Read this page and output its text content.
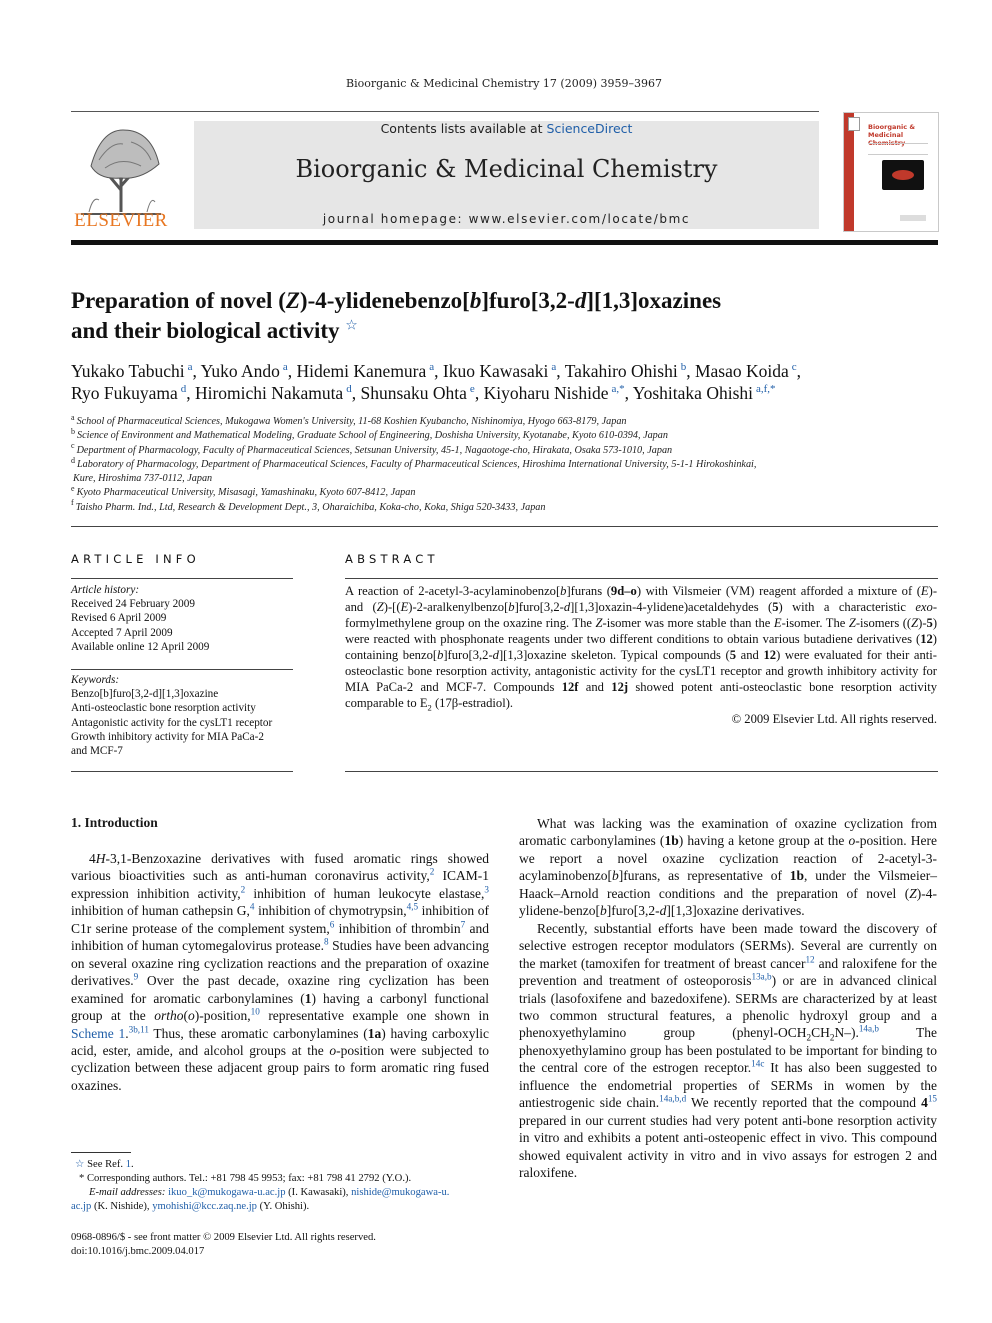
Bioorganic & Medicinal Chemistry 17 (2009) 3959–3967
ELSEVIER
Contents lists available at ScienceDirect
Bioorganic & Medicinal Chemistry
journal homepage: www.elsevier.com/locate/bmc
Bioorganic & Medicinal Chemistry
Preparation of novel (Z)-4-ylidenebenzo[b]furo[3,2-d][1,3]oxazines
and their biological activity ☆
Yukako Tabuchi $^a$, Yuko Ando $^a$, Hidemi Kanemura $^a$, Ikuo Kawasaki $^a$, Takahiro Ohishi $^b$, Masao Koida $^c$,
Ryo Fukuyama $^d$, Hiromichi Nakamuta $^d$, Shunsaku Ohta $^e$, Kiyoharu Nishide $^{a,*}$, Yoshitaka Ohishi $^{a,f,*}$
$^a$ School of Pharmaceutical Sciences, Mukogawa Women's University, 11-68 Koshien Kyubancho, Nishinomiya, Hyogo 663-8179, Japan
$^b$ Science of Environment and Mathematical Modeling, Graduate School of Engineering, Doshisha University, Kyotanabe, Kyoto 610-0394, Japan
$^c$ Department of Pharmacology, Faculty of Pharmaceutical Sciences, Setsunan University, 45-1, Nagaotoge-cho, Hirakata, Osaka 573-1010, Japan
$^d$ Laboratory of Pharmacology, Department of Pharmaceutical Sciences, Faculty of Pharmaceutical Sciences, Hiroshima International University, 5-1-1 Hirokoshinkai,
Kure, Hiroshima 737-0112, Japan
$^e$ Kyoto Pharmaceutical University, Misasagi, Yamashinaku, Kyoto 607-8412, Japan
$^f$ Taisho Pharm. Ind., Ltd, Research & Development Dept., 3, Oharaichiba, Koka-cho, Koka, Shiga 520-3433, Japan
ARTICLE INFO
Article history:
Received 24 February 2009
Revised 6 April 2009
Accepted 7 April 2009
Available online 12 April 2009
Keywords:
Benzo[b]furo[3,2-d][1,3]oxazine
Anti-osteoclastic bone resorption activity
Antagonistic activity for the cysLT1 receptor
Growth inhibitory activity for MIA PaCa-2
and MCF-7
ABSTRACT
A reaction of 2-acetyl-3-acylaminobenzo[b]furans (9d–o) with Vilsmeier (VM) reagent afforded a mixture of (E)- and (Z)-[(E)-2-aralkenylbenzo[b]furo[3,2-d][1,3]oxazin-4-ylidene)acetaldehydes (5) with a characteristic exo-formylmethylene group on the oxazine ring. The Z-isomer was more stable than the E-isomer. The Z-isomers ((Z)-5) were reacted with phosphonate reagents under two different conditions to obtain various butadiene derivatives (12) containing benzo[b]furo[3,2-d][1,3]oxazine skeleton. Typical compounds (5 and 12) were evaluated for their anti-osteoclastic bone resorption activity, antagonistic activity for the cysLT1 receptor and growth inhibitory activity for MIA PaCa-2 and MCF-7. Compounds 12f and 12j showed potent anti-osteoclastic bone resorption activity comparable to $E_2$ (17β-estradiol).
© 2009 Elsevier Ltd. All rights reserved.
1. Introduction

4H-3,1-Benzoxazine derivatives with fused aromatic rings showed various bioactivities such as anti-human coronavirus activity,$^2$ ICAM-1 expression inhibition activity,$^2$ inhibition of human leukocyte elastase,$^3$ inhibition of human cathepsin G,$^4$ inhibition of chymotrypsin,$^{4,5}$ inhibition of C1r serine protease of the complement system,$^6$ inhibition of thrombin$^7$ and inhibition of human cytomegalovirus protease.$^8$ Studies have been advancing on several oxazine ring cyclization reactions and the preparation of oxazine derivatives.$^9$ Over the past decade, oxazine ring cyclization has been examined for aromatic carbonylamines (1) having a carbonyl functional group at the ortho(o)-position,$^{10}$ representative example one shown in Scheme 1.$^{3b,11}$ Thus, these aromatic carbonylamines (1a) having carboxylic acid, ester, amide, and alcohol groups at the o-position were subjected to cyclization between these adjacent group pairs to form aromatic ring fused oxazines.

What was lacking was the examination of oxazine cyclization from aromatic carbonylamines (1b) having a ketone group at the o-position. Here we report a novel oxazine cyclization reaction of 2-acetyl-3-acylaminobenzo[b]furans, as representative of 1b, under the Vilsmeier–Haack–Arnold reaction conditions and the preparation of novel (Z)-4-ylidene-benzo[b]furo[3,2-d][1,3]oxazine derivatives.

Recently, substantial efforts have been made toward the discovery of selective estrogen receptor modulators (SERMs). Several are currently on the market (tamoxifen for treatment of breast cancer$^{12}$ and raloxifene for the prevention and treatment of osteoporosis$^{13a,b}$) or are in advanced clinical trials (lasofoxifene and bazedoxifene). SERMs are characterized by at least two common structural features, a phenolic hydroxyl group and a phenoxyethylamino group $(phenyl-OCH_2CH_2N-).^{14a,b}$ The phenoxyethylamino group has been postulated to be important for binding to the central core of the estrogen receptor.$^{14c}$ It has also been suggested to influence the endometrial properties of SERMs in women by the antiestrogenic side chain.$^{14a,b,d}$ We recently reported that the compound $4^{15}$ prepared in our current studies had very potent anti-bone resorption activity in vitro and exhibits a potent anti-osteopenic effect in vivo. This compound showed equivalent activity in vitro and in vivo assays for estrogen 2 and raloxifene.

☆ See Ref. 1.
* Corresponding authors. Tel.: +81 798 45 9953; fax: +81 798 41 2792 (Y.O.).
E-mail addresses: ikuo_k@mukogawa-u.ac.jp (I. Kawasaki), nishide@mukogawa-u.
ac.jp (K. Nishide), ymohishi@kcc.zaq.ne.jp (Y. Ohishi).
0968-0896/$ - see front matter © 2009 Elsevier Ltd. All rights reserved.
doi:10.1016/j.bmc.2009.04.017
